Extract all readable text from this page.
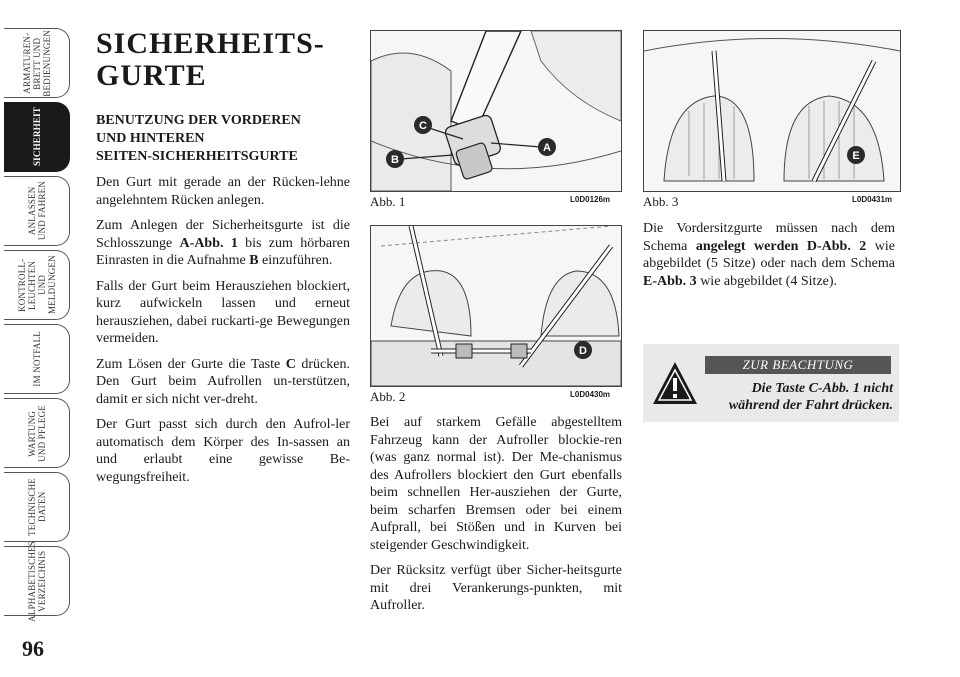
ARMATUREN-
BRETT UND
BEDIENUNGEN
SICHERHEIT
ANLASSEN
UND FAHREN
KONTROLL-
LEUCHTEN UND
MELDUNGEN
IM NOTFALL
WARTUNG
UND PFLEGE
TECHNISCHE
DATEN
ALPHABETISCHES
VERZEICHNIS
96
SICHERHEITS-
GURTE
BENUTZUNG DER VORDEREN
UND HINTEREN
SEITEN-SICHERHEITSGURTE

Den Gurt mit gerade an der Rücken-lehne angelehntem Rücken anlegen.

Zum Anlegen der Sicherheitsgurte ist die Schlosszunge A-Abb. 1 bis zum hörbaren Einrasten in die Aufnahme B einzuführen.

Falls der Gurt beim Herausziehen blockiert, kurz aufwickeln lassen und erneut herausziehen, dabei ruckarti-ge Bewegungen vermeiden.

Zum Lösen der Gurte die Taste C drücken. Den Gurt beim Aufrollen un-terstützen, damit er sich nicht ver-dreht.

Der Gurt passt sich durch den Aufrol-ler automatisch dem Körper des In-sassen an und erlaubt eine gewisse Be-wegungsfreiheit.

C
A
B
Abb. 1	L0D0126m
D
Abb. 2	L0D0430m
E
Abb. 3	L0D0431m

Bei auf starkem Gefälle abgestelltem Fahrzeug kann der Aufroller blockie-ren (was ganz normal ist). Der Me-chanismus des Aufrollers blockiert den Gurt ebenfalls beim schnellen Her-ausziehen der Gurte, beim scharfen Bremsen oder bei einem Aufprall, bei Stößen und in Kurven bei steigender Geschwindigkeit.

Der Rücksitz verfügt über Sicher-heitsgurte mit drei Verankerungs-punkten, mit Aufroller.

Die Vordersitzgurte müssen nach dem Schema angelegt werden D-Abb. 2 wie abgebildet (5 Sitze) oder nach dem Schema E-Abb. 3 wie abgebildet (4 Sitze).

ZUR BEACHTUNG
Die Taste C-Abb. 1 nicht während der Fahrt drücken.
